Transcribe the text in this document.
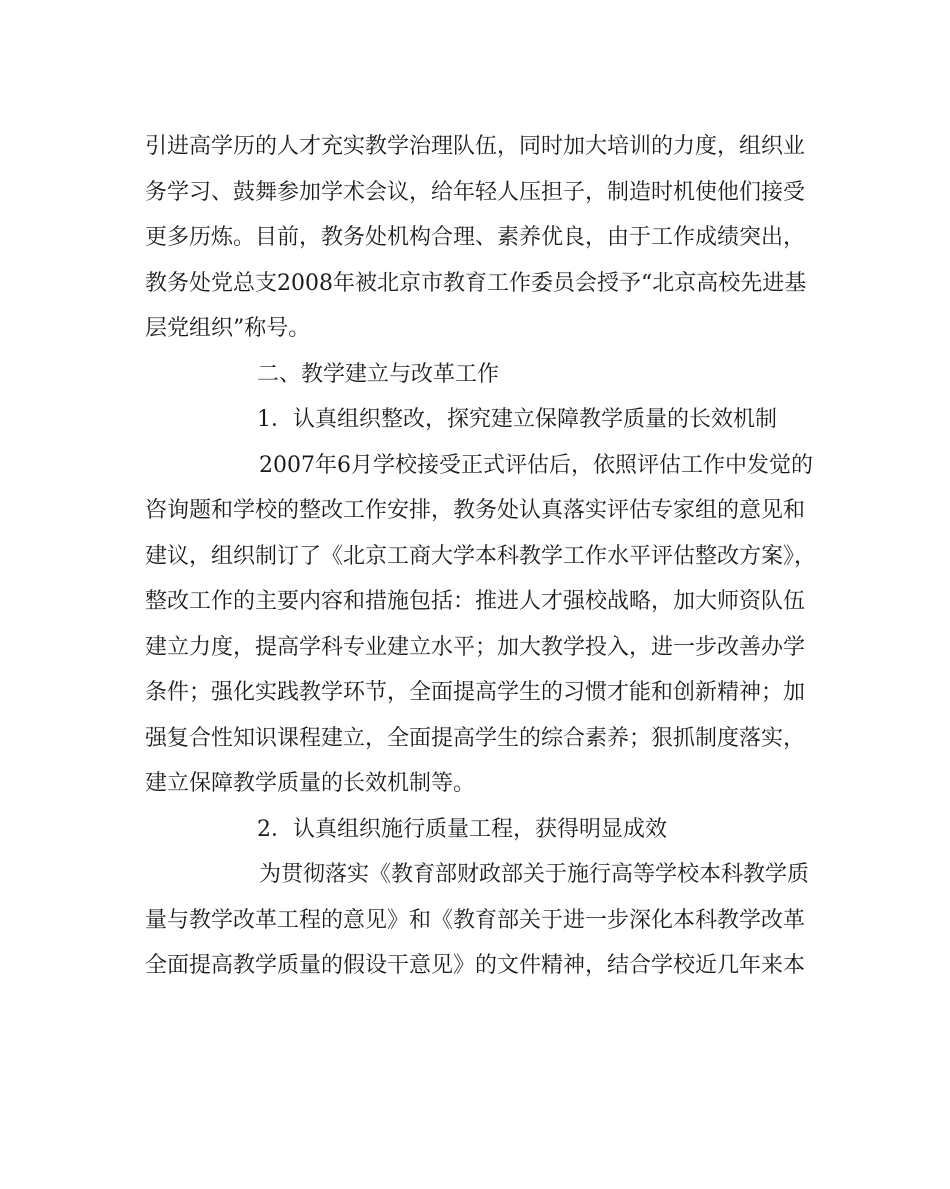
引进高学历的人才充实教学治理队伍，同时加大培训的力度，组织业
务学习、鼓舞参加学术会议，给年轻人压担子，制造时机使他们接受
更多历炼。目前，教务处机构合理、素养优良，由于工作成绩突出，
教务处党总支2008年被北京市教育工作委员会授予“北京高校先进基
层党组织”称号。
二、教学建立与改革工作
1．认真组织整改，探究建立保障教学质量的长效机制
2007年6月学校接受正式评估后，依照评估工作中发觉的
咨询题和学校的整改工作安排，教务处认真落实评估专家组的意见和
建议，组织制订了《北京工商大学本科教学工作水平评估整改方案》，
整改工作的主要内容和措施包括：推进人才强校战略，加大师资队伍
建立力度，提高学科专业建立水平；加大教学投入，进一步改善办学
条件；强化实践教学环节，全面提高学生的习惯才能和创新精神；加
强复合性知识课程建立，全面提高学生的综合素养；狠抓制度落实，
建立保障教学质量的长效机制等。
2．认真组织施行质量工程，获得明显成效
为贯彻落实《教育部财政部关于施行高等学校本科教学质
量与教学改革工程的意见》和《教育部关于进一步深化本科教学改革
全面提高教学质量的假设干意见》的文件精神，结合学校近几年来本
